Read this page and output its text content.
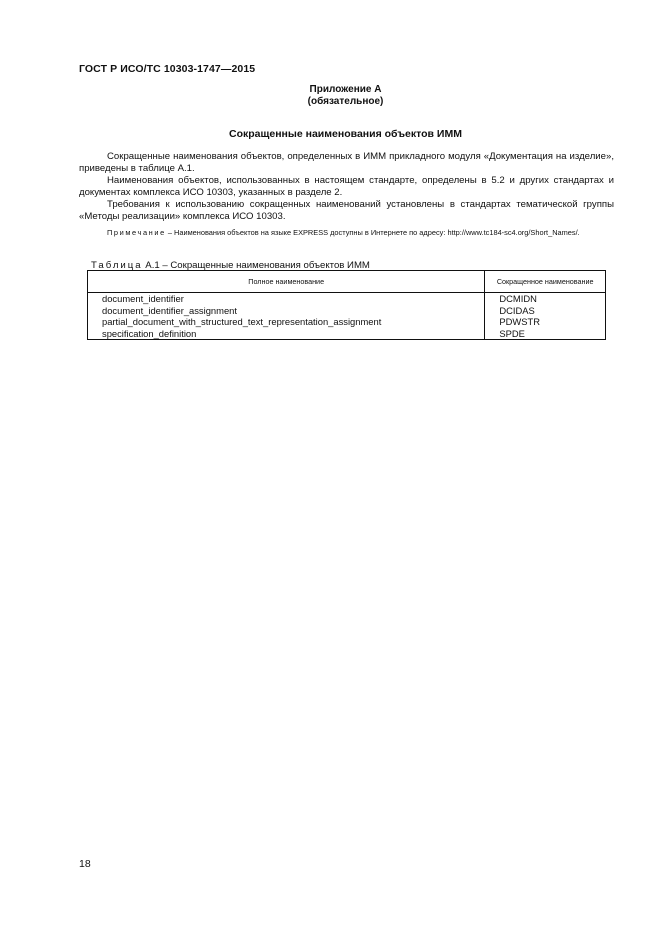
ГОСТ Р ИСО/ТС 10303-1747—2015
Приложение А
(обязательное)
Сокращенные наименования объектов ИММ

Сокращенные наименования объектов, определенных в ИММ прикладного модуля «Документация на изделие», приведены в таблице А.1.

Наименования объектов, использованных в настоящем стандарте, определены в 5.2 и других стандартах и документах комплекса ИСО 10303, указанных в разделе 2.

Требования к использованию сокращенных наименований установлены в стандартах тематической группы «Методы реализации» комплекса ИСО 10303.

Примечание – Наименования объектов на языке EXPRESS доступны в Интернете по адресу: http://www.tc184-sc4.org/Short_Names/.
Таблица А.1 – Сокращенные наименования объектов ИММ
Полное наименование	Сокращенное наименование
document_identifier	DCMIDN
document_identifier_assignment	DCIDAS
partial_document_with_structured_text_representation_assignment	PDWSTR
specification_definition	SPDE
18
